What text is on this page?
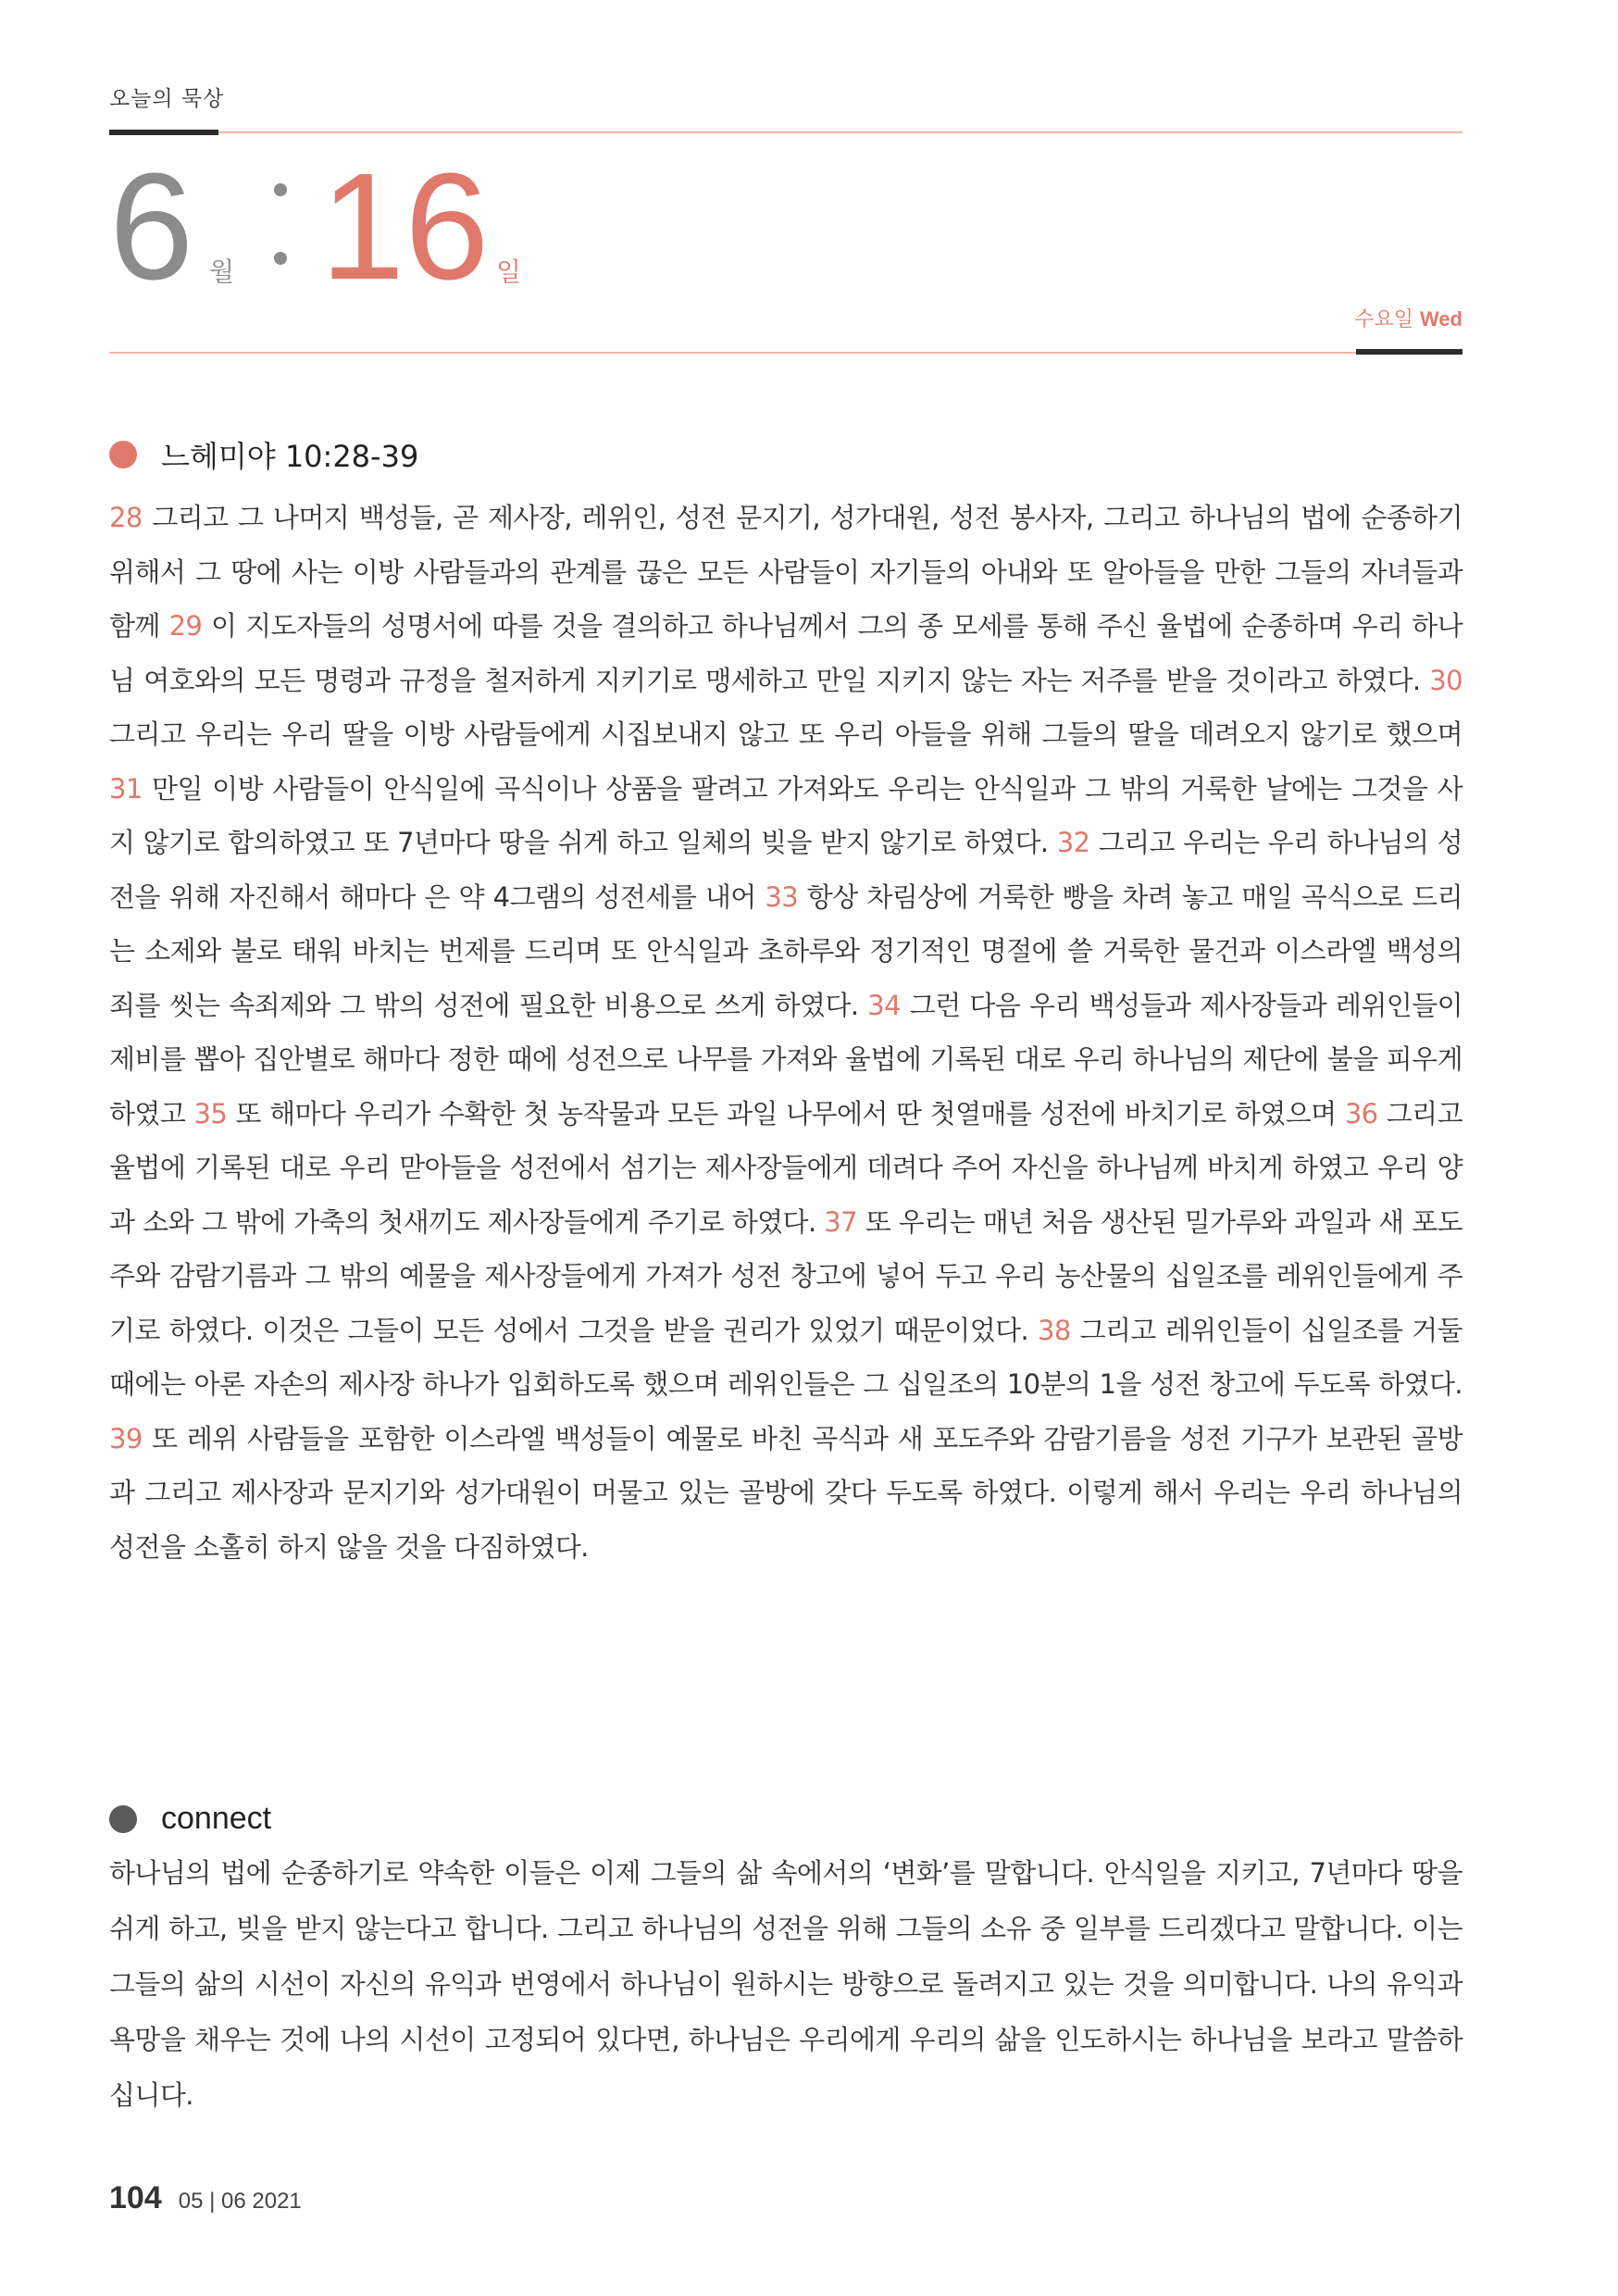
오늘의 묵상
6 월 16 일
수요일 Wed
느헤미야 10:28-39
28 그리고 그 나머지 백성들, 곧 제사장, 레위인, 성전 문지기, 성가대원, 성전 봉사자, 그리고 하나님의 법에 순종하기 위해서 그 땅에 사는 이방 사람들과의 관계를 끊은 모든 사람들이 자기들의 아내와 또 알아들을 만한 그들의 자녀들과 함께 29 이 지도자들의 성명서에 따를 것을 결의하고 하나님께서 그의 종 모세를 통해 주신 율법에 순종하며 우리 하나님 여호와의 모든 명령과 규정을 철저하게 지키기로 맹세하고 만일 지키지 않는 자는 저주를 받을 것이라고 하였다. 30 그리고 우리는 우리 딸을 이방 사람들에게 시집보내지 않고 또 우리 아들을 위해 그들의 딸을 데려오지 않기로 했으며 31 만일 이방 사람들이 안식일에 곡식이나 상품을 팔려고 가져와도 우리는 안식일과 그 밖의 거룩한 날에는 그것을 사지 않기로 합의하였고 또 7년마다 땅을 쉬게 하고 일체의 빚을 받지 않기로 하였다. 32 그리고 우리는 우리 하나님의 성전을 위해 자진해서 해마다 은 약 4그램의 성전세를 내어 33 항상 차림상에 거룩한 빵을 차려 놓고 매일 곡식으로 드리는 소제와 불로 태워 바치는 번제를 드리며 또 안식일과 초하루와 정기적인 명절에 쓸 거룩한 물건과 이스라엘 백성의 죄를 씻는 속죄제와 그 밖의 성전에 필요한 비용으로 쓰게 하였다. 34 그런 다음 우리 백성들과 제사장들과 레위인들이 제비를 뽑아 집안별로 해마다 정한 때에 성전으로 나무를 가져와 율법에 기록된 대로 우리 하나님의 제단에 불을 피우게 하였고 35 또 해마다 우리가 수확한 첫 농작물과 모든 과일 나무에서 딴 첫열매를 성전에 바치기로 하였으며 36 그리고 율법에 기록된 대로 우리 맏아들을 성전에서 섬기는 제사장들에게 데려다 주어 자신을 하나님께 바치게 하였고 우리 양과 소와 그 밖에 가축의 첫새끼도 제사장들에게 주기로 하였다. 37 또 우리는 매년 처음 생산된 밀가루와 과일과 새 포도주와 감람기름과 그 밖의 예물을 제사장들에게 가져가 성전 창고에 넣어 두고 우리 농산물의 십일조를 레위인들에게 주기로 하였다. 이것은 그들이 모든 성에서 그것을 받을 권리가 있었기 때문이었다. 38 그리고 레위인들이 십일조를 거둘 때에는 아론 자손의 제사장 하나가 입회하도록 했으며 레위인들은 그 십일조의 10분의 1을 성전 창고에 두도록 하였다. 39 또 레위 사람들을 포함한 이스라엘 백성들이 예물로 바친 곡식과 새 포도주와 감람기름을 성전 기구가 보관된 골방과 그리고 제사장과 문지기와 성가대원이 머물고 있는 골방에 갖다 두도록 하였다. 이렇게 해서 우리는 우리 하나님의 성전을 소홀히 하지 않을 것을 다짐하였다.
connect
하나님의 법에 순종하기로 약속한 이들은 이제 그들의 삶 속에서의 ‘변화’를 말합니다. 안식일을 지키고, 7년마다 땅을 쉬게 하고, 빚을 받지 않는다고 합니다. 그리고 하나님의 성전을 위해 그들의 소유 중 일부를 드리겠다고 말합니다. 이는 그들의 삶의 시선이 자신의 유익과 번영에서 하나님이 원하시는 방향으로 돌려지고 있는 것을 의미합니다. 나의 유익과 욕망을 채우는 것에 나의 시선이 고정되어 있다면, 하나님은 우리에게 우리의 삶을 인도하시는 하나님을 보라고 말씀하십니다.
104 05 | 06 2021
